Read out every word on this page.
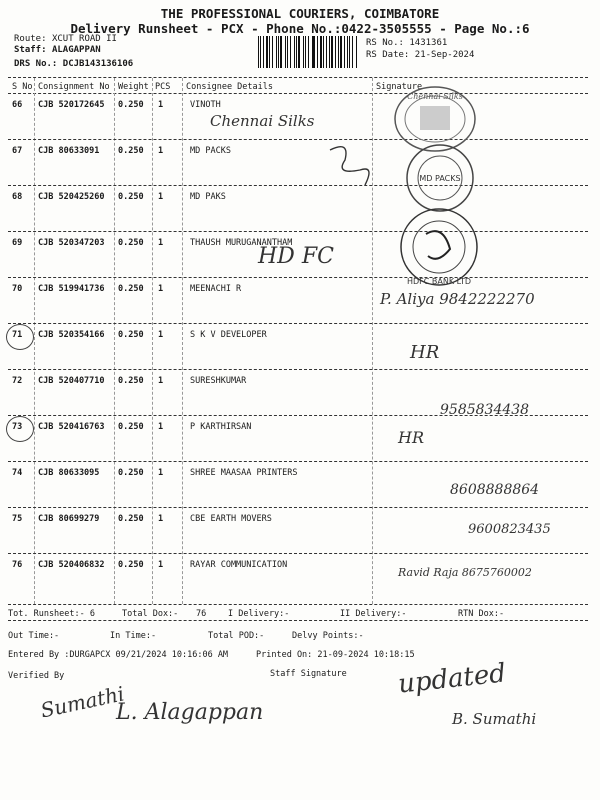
THE PROFESSIONAL COURIERS, COIMBATORE
Delivery Runsheet - PCX - Phone No.:0422-3505555 - Page No.:6
Route: XCUT ROAD II
Staff: ALAGAPPAN
DRS No.: DCJB143136106
RS No.: 1431361
RS Date: 21-Sep-2024
S No Consignment No Weight PCS Consignee Details	Signature
66 CJB 520172645 0.250 1	VINOTH
67 CJB 80633091 0.250 1	MD PACKS
68 CJB 520425260 0.250 1	MD PAKS
69 CJB 520347203 0.250 1	THAUSH MURUGANANTHAM
70 CJB 519941736 0.250 1	MEENACHI R
71 CJB 520354166 0.250 1	S K V DEVELOPER
72 CJB 520407710 0.250 1	SURESHKUMAR
73 CJB 520416763 0.250 1	P KARTHIRSAN
74 CJB 80633095 0.250 1	SHREE MAASAA PRINTERS
75 CJB 80699279 0.250 1	CBE EARTH MOVERS
76 CJB 520406832 0.250 1	RAYAR COMMUNICATION
Chennai Silks
MD PACKS
HDFC BANK LTD
Chennai Silks
HD FC
P. Aliya 9842222270
HR
9585834438
HR
8608888864
9600823435
Ravid Raja 8675760002
Tot. Runsheet:- 6	Total Dox:- 76	I Delivery:-	II Delivery:-	RTN Dox:-
Out Time:-	In Time:-	Total POD:-	Delvy Points:-
Entered By :DURGAPCX 09/21/2024 10:16:06 AM	Printed On: 21-09-2024 10:18:15
Verified By	Staff Signature
Sumathi
L. Alagappan
updated
B. Sumathi
